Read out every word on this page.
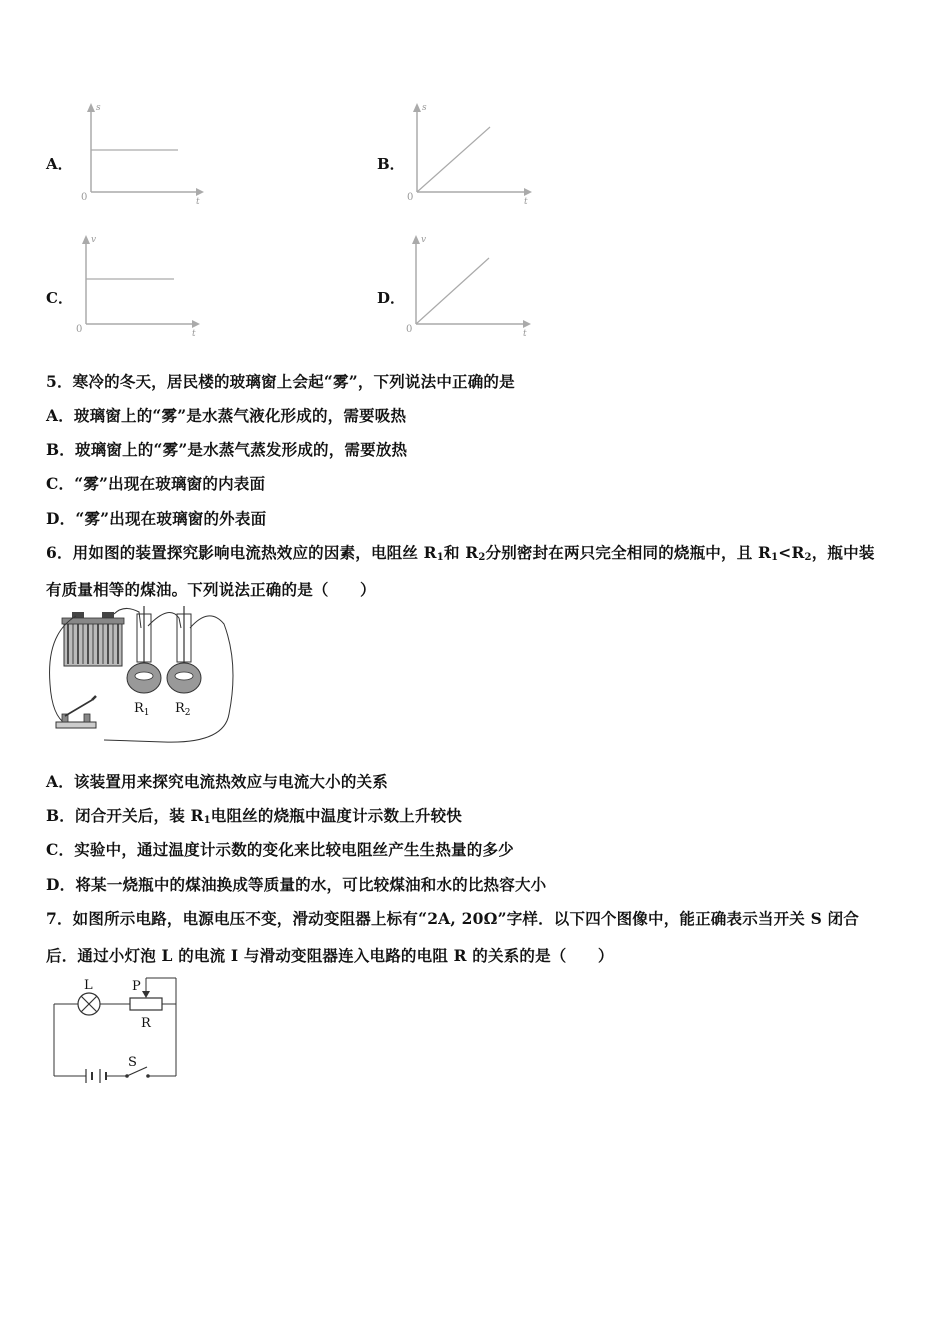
A．
s
t
0
B．
s
t
0
C．
v
t
0
D．
v
t
0
5．寒冷的冬天，居民楼的玻璃窗上会起“雾”，下列说法中正确的是
A．玻璃窗上的“雾”是水蒸气液化形成的，需要吸热
B．玻璃窗上的“雾”是水蒸气蒸发形成的，需要放热
C．“雾”出现在玻璃窗的内表面
D．“雾”出现在玻璃窗的外表面
6．用如图的装置探究影响电流热效应的因素，电阻丝 $R_1$和 $R_2$分别密封在两只完全相同的烧瓶中，且 $R_1<R_2$，瓶中装
有质量相等的煤油。下列说法正确的是（　　）
$R_1$ $R_2$
A．该装置用来探究电流热效应与电流大小的关系
B．闭合开关后，装 $R_1$电阻丝的烧瓶中温度计示数上升较快
C．实验中，通过温度计示数的变化来比较电阻丝产生生热量的多少
D．将某一烧瓶中的煤油换成等质量的水，可比较煤油和水的比热容大小
7．如图所示电路，电源电压不变，滑动变阻器上标有“2A, 20Ω”字样．以下四个图像中，能正确表示当开关 S 闭合
后．通过小灯泡 L 的电流 I 与滑动变阻器连入电路的电阻 R 的关系的是（　　）
L	P
R
S
